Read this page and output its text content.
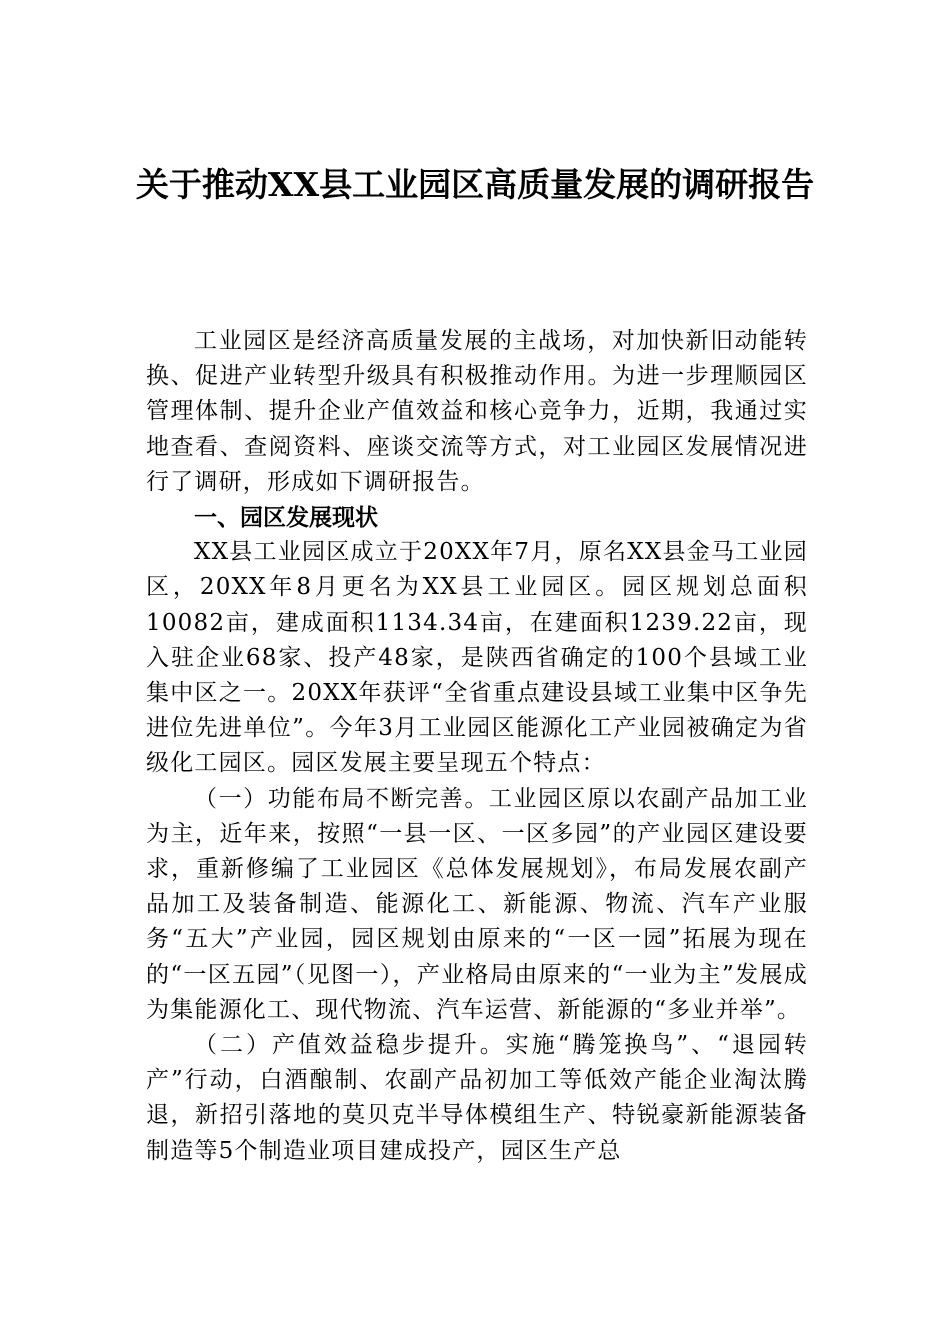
关于推动XX县工业园区高质量发展的调研报告

工业园区是经济高质量发展的主战场，对加快新旧动能转换、促进产业转型升级具有积极推动作用。为进一步理顺园区管理体制、提升企业产值效益和核心竞争力，近期，我通过实地查看、查阅资料、座谈交流等方式，对工业园区发展情况进行了调研，形成如下调研报告。

一、园区发展现状

XX县工业园区成立于20XX年7月，原名XX县金马工业园区，20XX年8月更名为XX县工业园区。园区规划总面积10082亩，建成面积1134.34亩，在建面积1239.22亩，现入驻企业68家、投产48家，是陕西省确定的100个县域工业集中区之一。20XX年获评“全省重点建设县域工业集中区争先进位先进单位”。今年3月工业园区能源化工产业园被确定为省级化工园区。园区发展主要呈现五个特点：

（一）功能布局不断完善。工业园区原以农副产品加工业为主，近年来，按照“一县一区、一区多园”的产业园区建设要求，重新修编了工业园区《总体发展规划》，布局发展农副产品加工及装备制造、能源化工、新能源、物流、汽车产业服务“五大”产业园，园区规划由原来的“一区一园”拓展为现在的“一区五园”（见图一），产业格局由原来的“一业为主”发展成为集能源化工、现代物流、汽车运营、新能源的“多业并举”。

（二）产值效益稳步提升。实施“腾笼换鸟”、“退园转产”行动，白酒酿制、农副产品初加工等低效产能企业淘汰腾退，新招引落地的莫贝克半导体模组生产、特锐豪新能源装备制造等5个制造业项目建成投产，园区生产总
